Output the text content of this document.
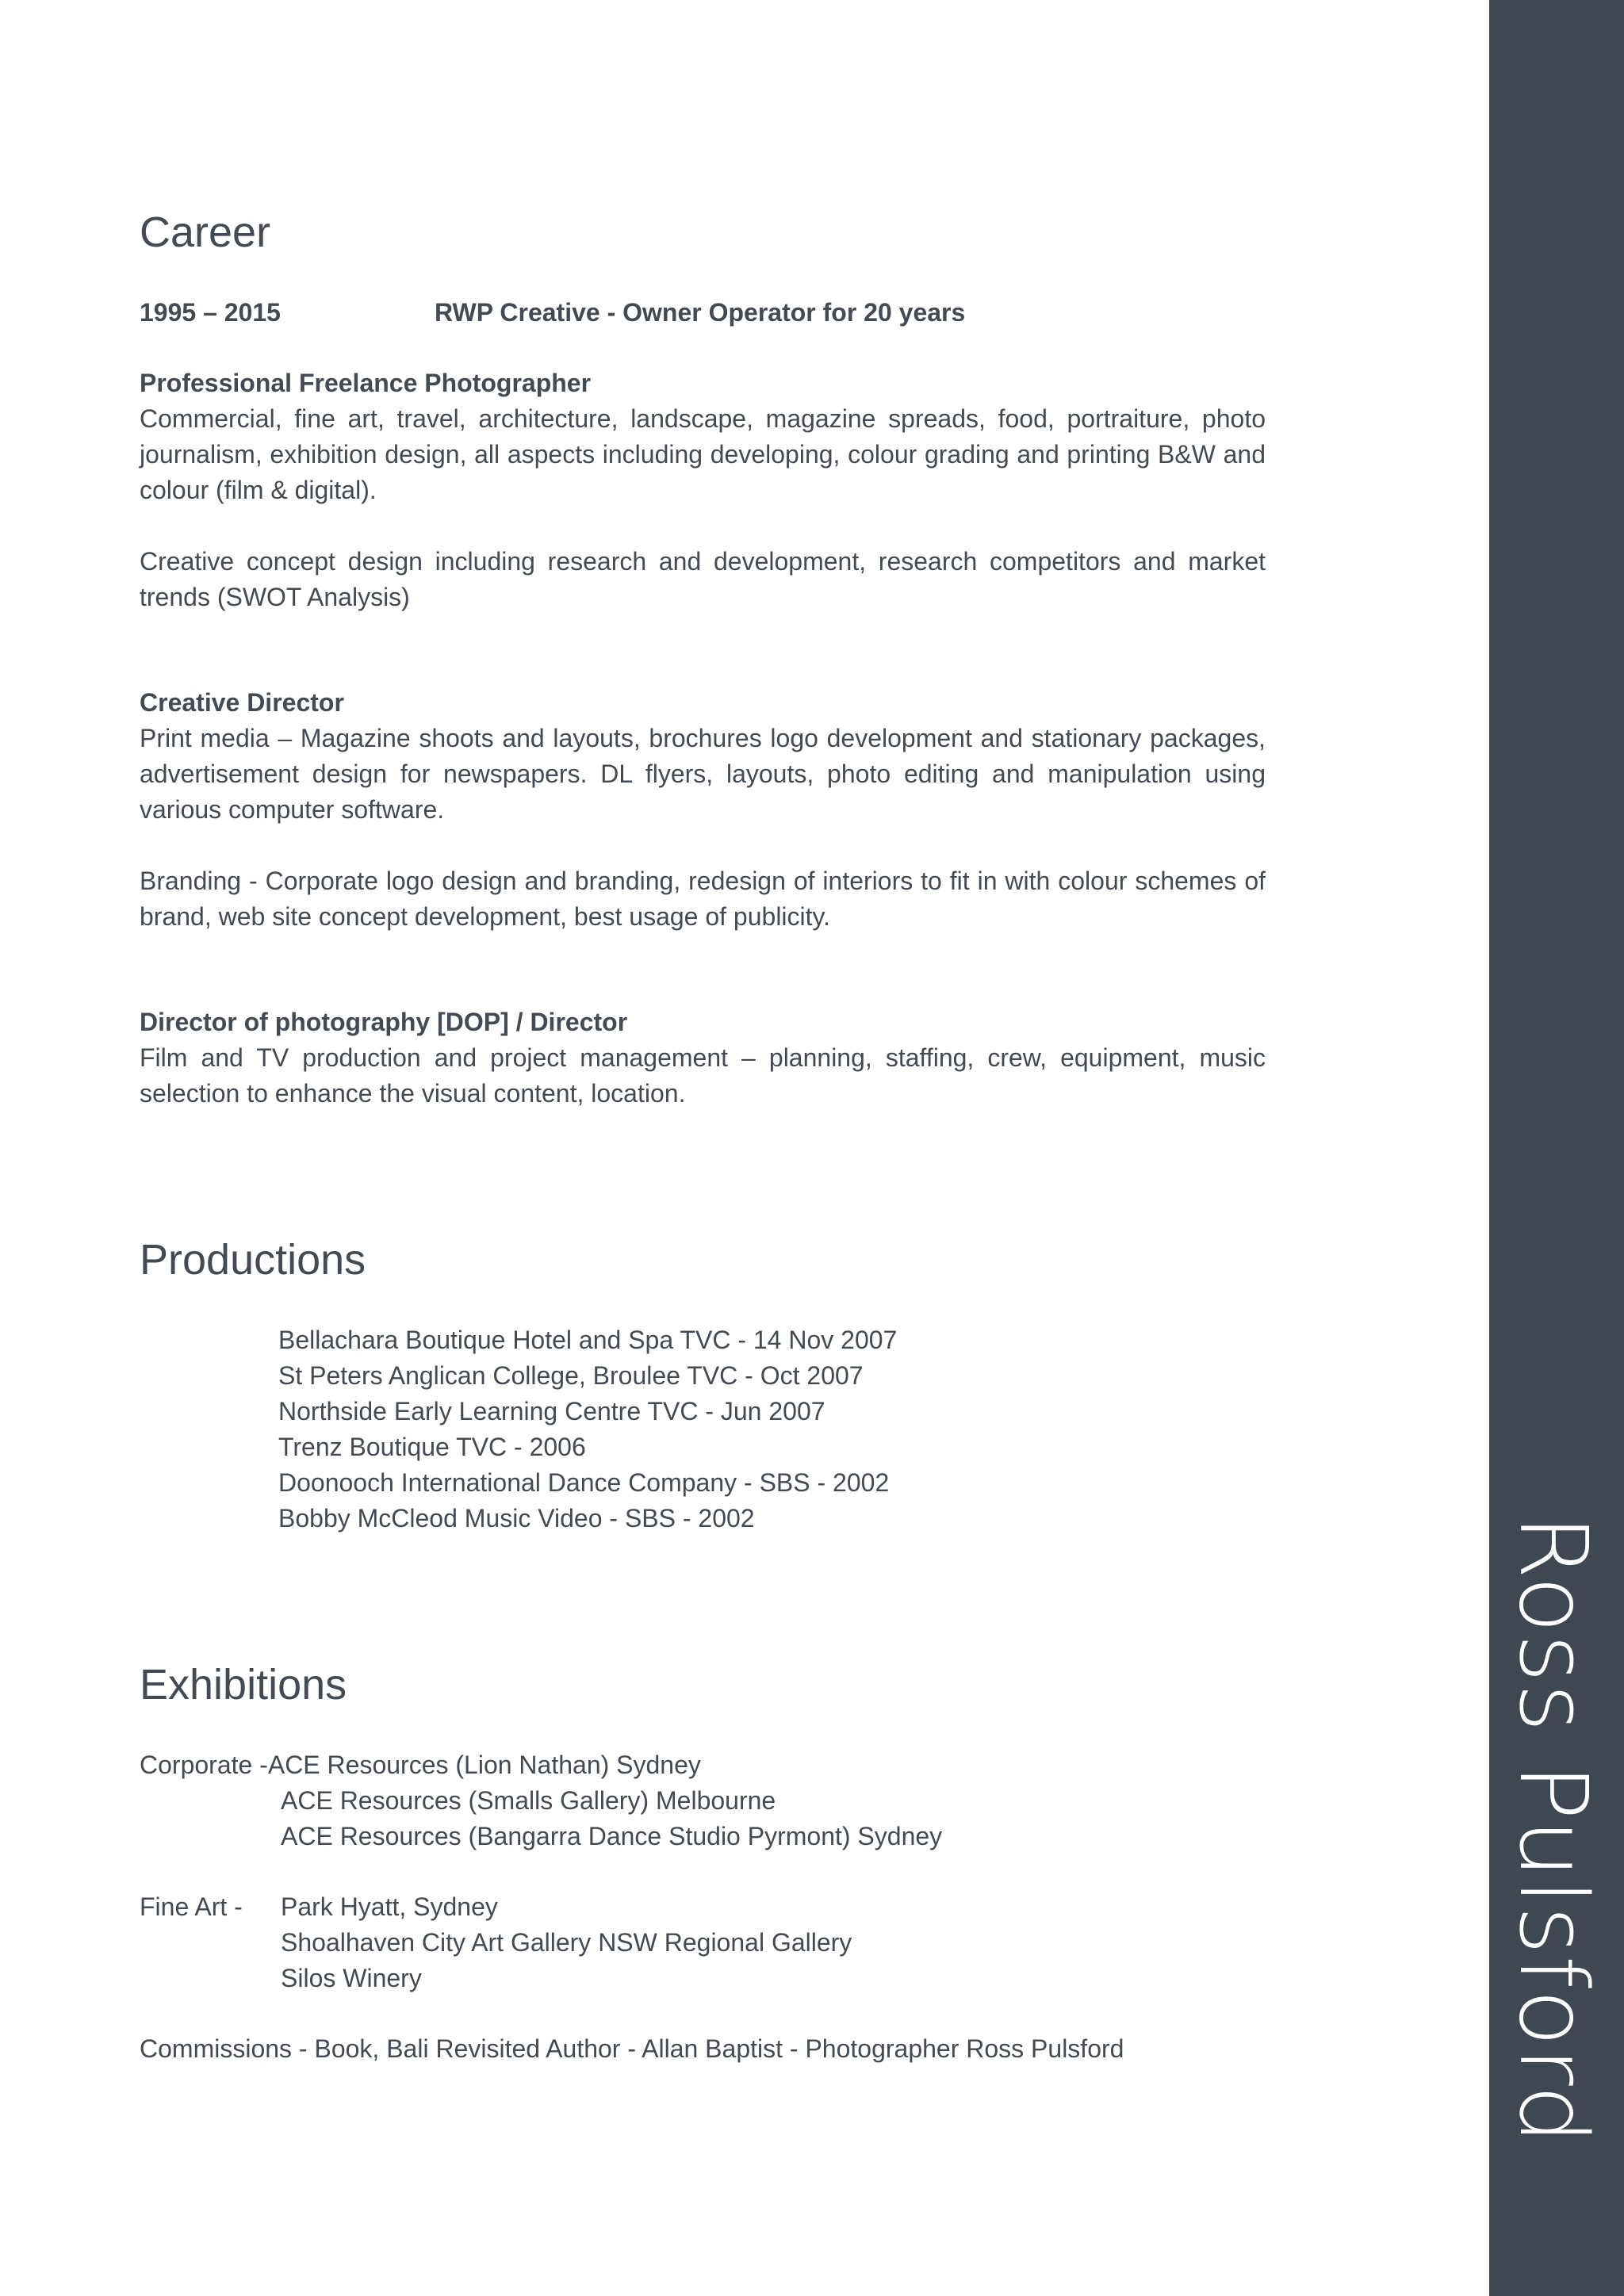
Ross Pulsford
Career
1995 – 2015	RWP Creative - Owner Operator for 20 years
Professional Freelance Photographer
Commercial, fine art, travel, architecture, landscape, magazine spreads, food, portraiture, photo journalism, exhibition design, all aspects including developing, colour grading and printing B&W and colour (film & digital).
Creative concept design including research and development, research competitors and market trends (SWOT Analysis)
Creative Director
Print media – Magazine shoots and layouts, brochures logo development and stationary packages, advertisement design for newspapers. DL flyers, layouts, photo editing and manipulation using various computer software.
Branding - Corporate logo design and branding, redesign of interiors to fit in with colour schemes of brand, web site concept development, best usage of publicity.
Director of photography [DOP] / Director
Film and TV production and project management – planning, staffing, crew, equipment, music selection to enhance the visual content, location.
Productions
Bellachara Boutique Hotel and Spa TVC - 14 Nov 2007
St Peters Anglican College, Broulee TVC - Oct 2007
Northside Early Learning Centre TVC - Jun 2007
Trenz Boutique TVC - 2006
Doonooch International Dance Company - SBS - 2002
Bobby McCleod Music Video - SBS - 2002
Exhibitions
Corporate -ACE Resources (Lion Nathan) Sydney
ACE Resources (Smalls Gallery) Melbourne
ACE Resources (Bangarra Dance Studio Pyrmont) Sydney
Fine Art - Park Hyatt, Sydney
Shoalhaven City Art Gallery NSW Regional Gallery
Silos Winery
Commissions - Book, Bali Revisited Author - Allan Baptist - Photographer Ross Pulsford
